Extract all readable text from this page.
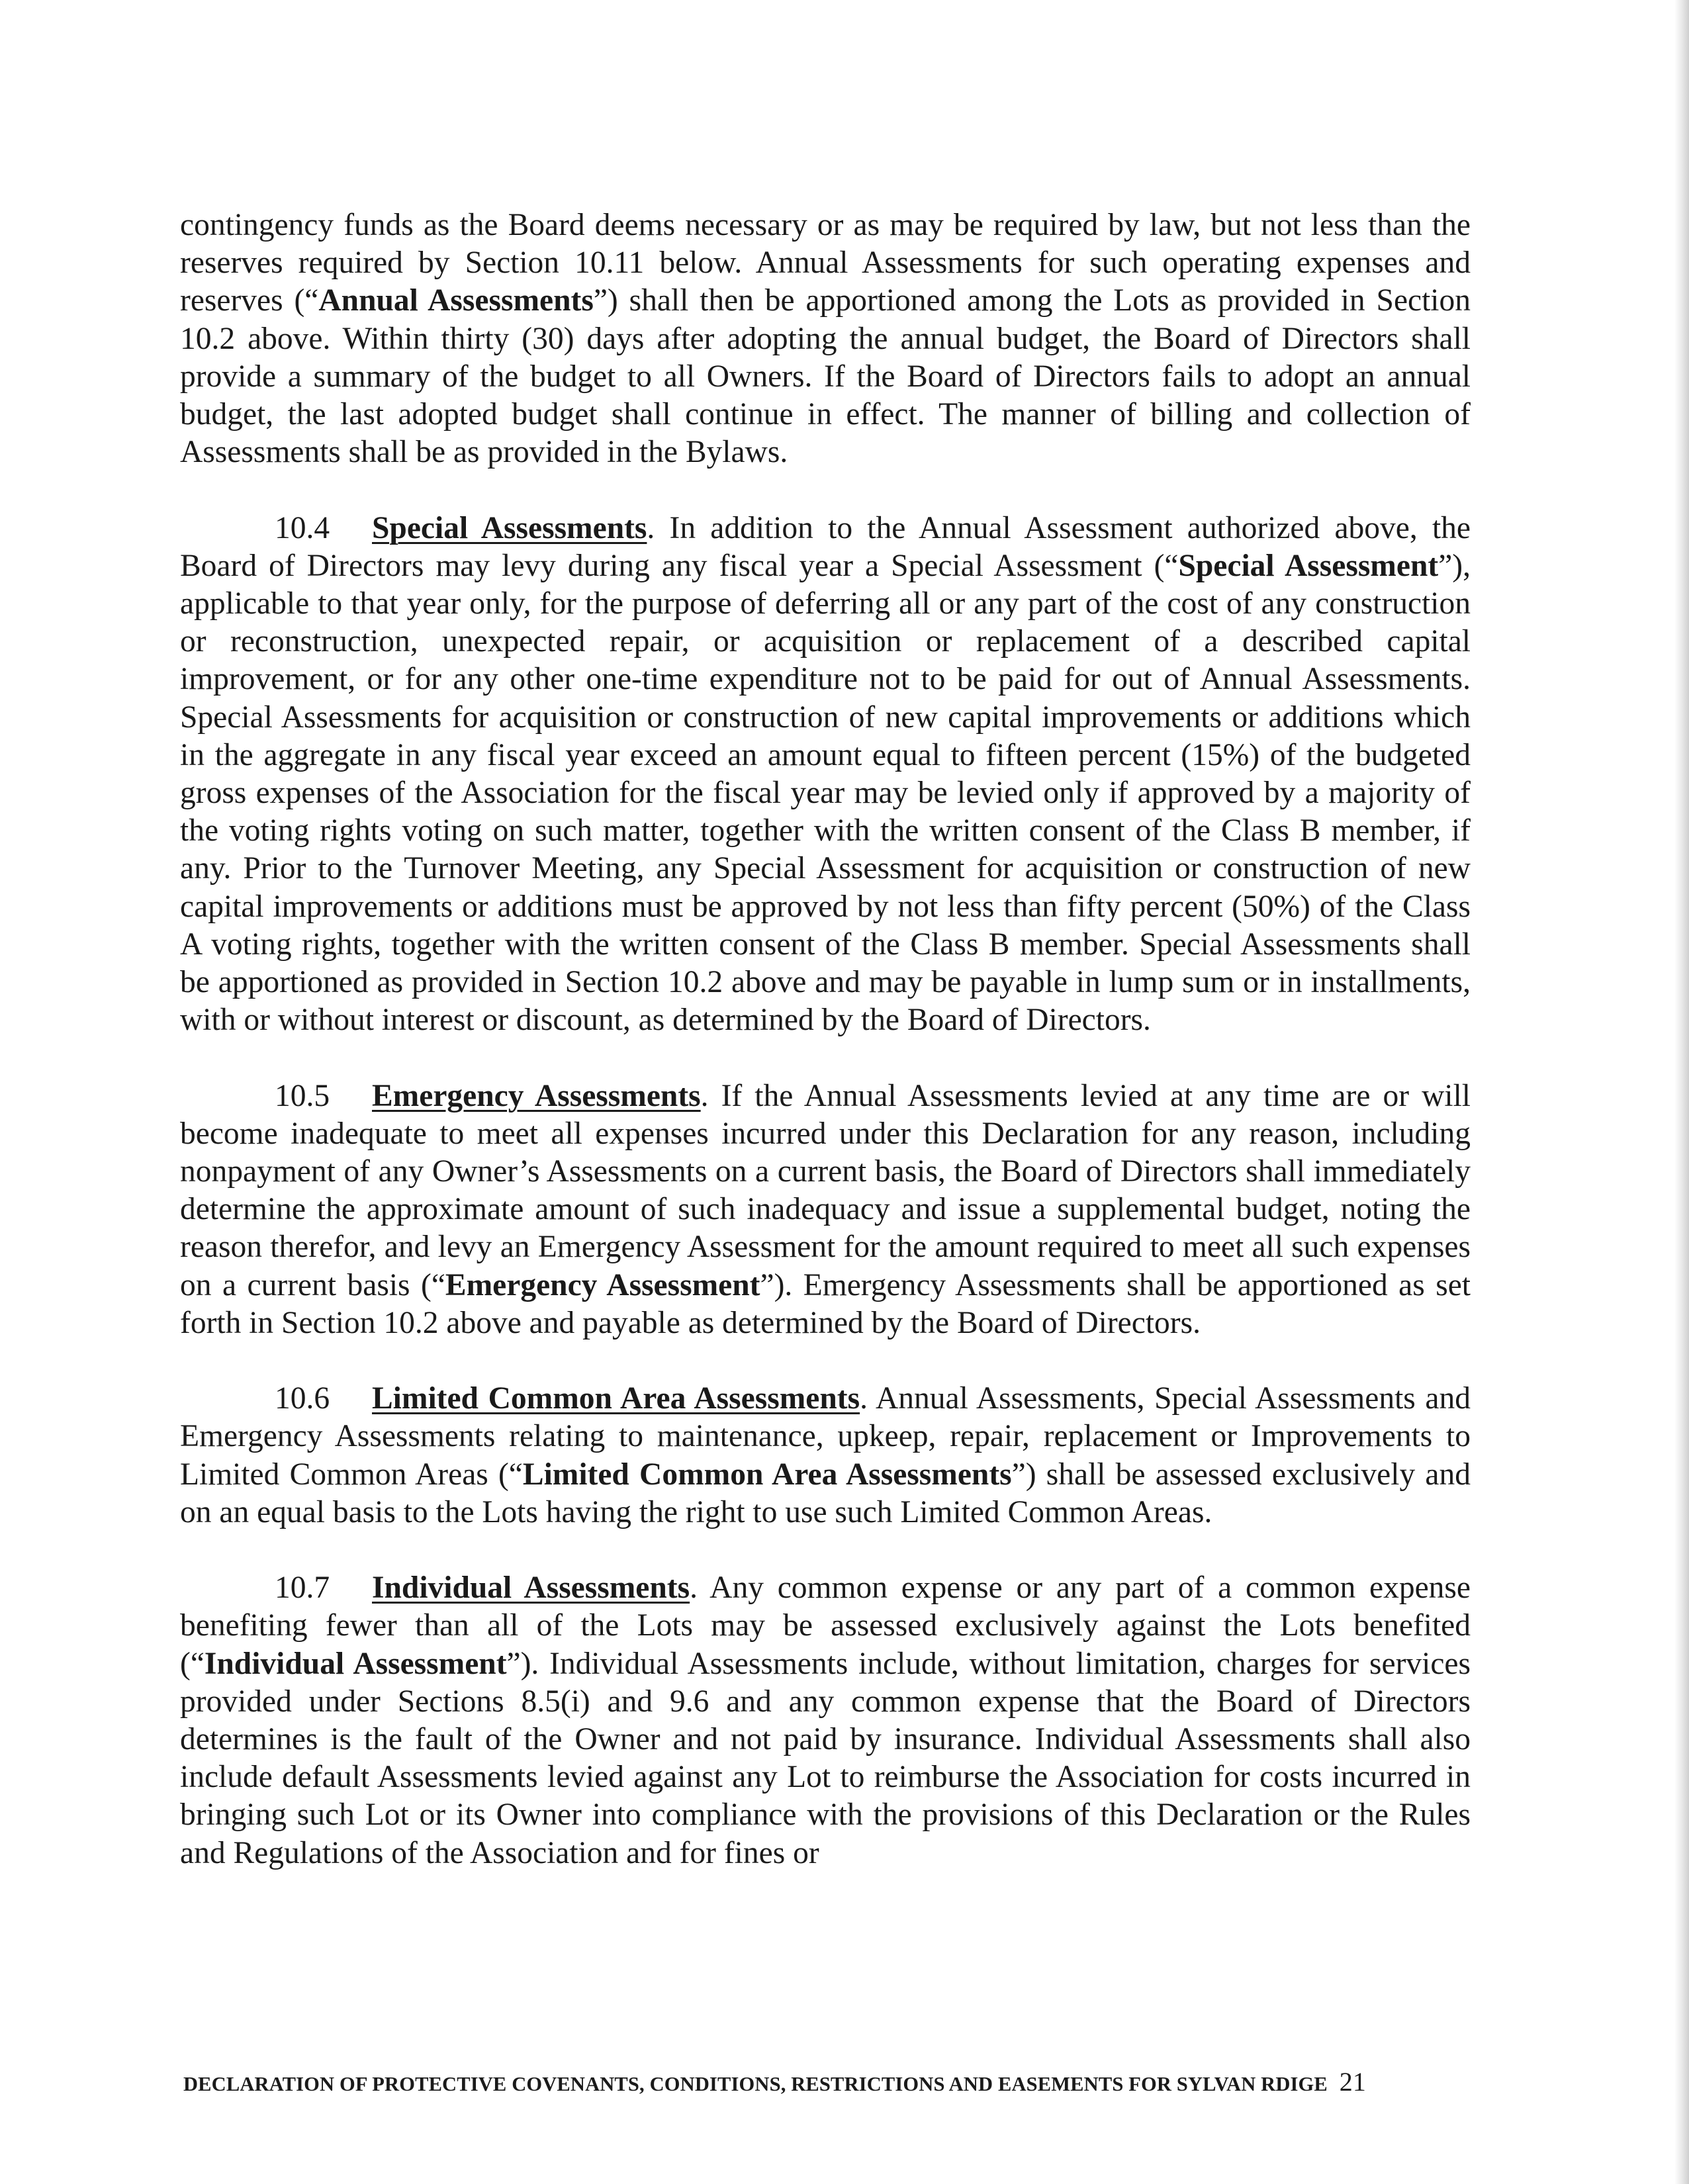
contingency funds as the Board deems necessary or as may be required by law, but not less than the reserves required by Section 10.11 below. Annual Assessments for such operating expenses and reserves (“Annual Assessments”) shall then be apportioned among the Lots as provided in Section 10.2 above. Within thirty (30) days after adopting the annual budget, the Board of Directors shall provide a summary of the budget to all Owners. If the Board of Directors fails to adopt an annual budget, the last adopted budget shall continue in effect. The manner of billing and collection of Assessments shall be as provided in the Bylaws.

10.4 Special Assessments. In addition to the Annual Assessment authorized above, the Board of Directors may levy during any fiscal year a Special Assessment (“Special Assessment”), applicable to that year only, for the purpose of deferring all or any part of the cost of any construction or reconstruction, unexpected repair, or acquisition or replacement of a described capital improvement, or for any other one-time expenditure not to be paid for out of Annual Assessments. Special Assessments for acquisition or construction of new capital improvements or additions which in the aggregate in any fiscal year exceed an amount equal to fifteen percent (15%) of the budgeted gross expenses of the Association for the fiscal year may be levied only if approved by a majority of the voting rights voting on such matter, together with the written consent of the Class B member, if any. Prior to the Turnover Meeting, any Special Assessment for acquisition or construction of new capital improvements or additions must be approved by not less than fifty percent (50%) of the Class A voting rights, together with the written consent of the Class B member. Special Assessments shall be apportioned as provided in Section 10.2 above and may be payable in lump sum or in installments, with or without interest or discount, as determined by the Board of Directors.

10.5 Emergency Assessments. If the Annual Assessments levied at any time are or will become inadequate to meet all expenses incurred under this Declaration for any reason, including nonpayment of any Owner’s Assessments on a current basis, the Board of Directors shall immediately determine the approximate amount of such inadequacy and issue a supplemental budget, noting the reason therefor, and levy an Emergency Assessment for the amount required to meet all such expenses on a current basis (“Emergency Assessment”). Emergency Assessments shall be apportioned as set forth in Section 10.2 above and payable as determined by the Board of Directors.

10.6 Limited Common Area Assessments. Annual Assessments, Special Assessments and Emergency Assessments relating to maintenance, upkeep, repair, replacement or Improvements to Limited Common Areas (“Limited Common Area Assessments”) shall be assessed exclusively and on an equal basis to the Lots having the right to use such Limited Common Areas.

10.7 Individual Assessments. Any common expense or any part of a common expense benefiting fewer than all of the Lots may be assessed exclusively against the Lots benefited (“Individual Assessment”). Individual Assessments include, without limitation, charges for services provided under Sections 8.5(i) and 9.6 and any common expense that the Board of Directors determines is the fault of the Owner and not paid by insurance. Individual Assessments shall also include default Assessments levied against any Lot to reimburse the Association for costs incurred in bringing such Lot or its Owner into compliance with the provisions of this Declaration or the Rules and Regulations of the Association and for fines or

DECLARATION OF PROTECTIVE COVENANTS, CONDITIONS, RESTRICTIONS AND EASEMENTS FOR SYLVAN RDIGE 21
